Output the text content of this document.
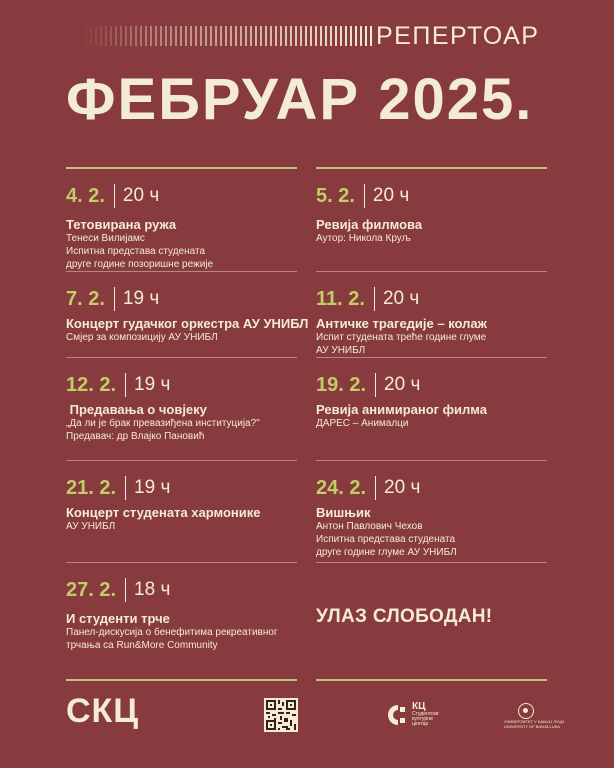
РЕПЕРТОАР
ФЕБРУАР 2025.
4. 2. 20 ч
Тетовирана ружа
Тенеси Вилијамс
Испитна представа студената
друге године позоришне режије
5. 2. 20 ч
Ревија филмова
Аутор: Никола Круљ
7. 2. 19 ч
Концерт гудачког оркестра АУ УНИБЛ
Смјер за композицију АУ УНИБЛ
11. 2. 20 ч
Античке трагедије – колаж
Испит студената треће године глуме
АУ УНИБЛ
12. 2. 19 ч
Предавања о човјеку
„Да ли је брак превазиђена институција?"
Предавач: др Влајко Пановић
19. 2. 20 ч
Ревија анимираног филма
ДАРЕС – Анималци
21. 2. 19 ч
Концерт студената хармонике
АУ УНИБЛ
24. 2. 20 ч
Вишњик
Антон Павлович Чехов
Испитна представа студената
друге године глуме АУ УНИБЛ
27. 2. 18 ч
И студенти трче
Панел-дискусија о бенефитима рекреативног
трчања са Run&More Community
УЛАЗ СЛОБОДАН!
СКЦ	КЦ
Студентски
културни
центар	УНИВЕРЗИТЕТ У БАЊОЈ ЛУЦИ
UNIVERSITY OF BANJA LUKA
